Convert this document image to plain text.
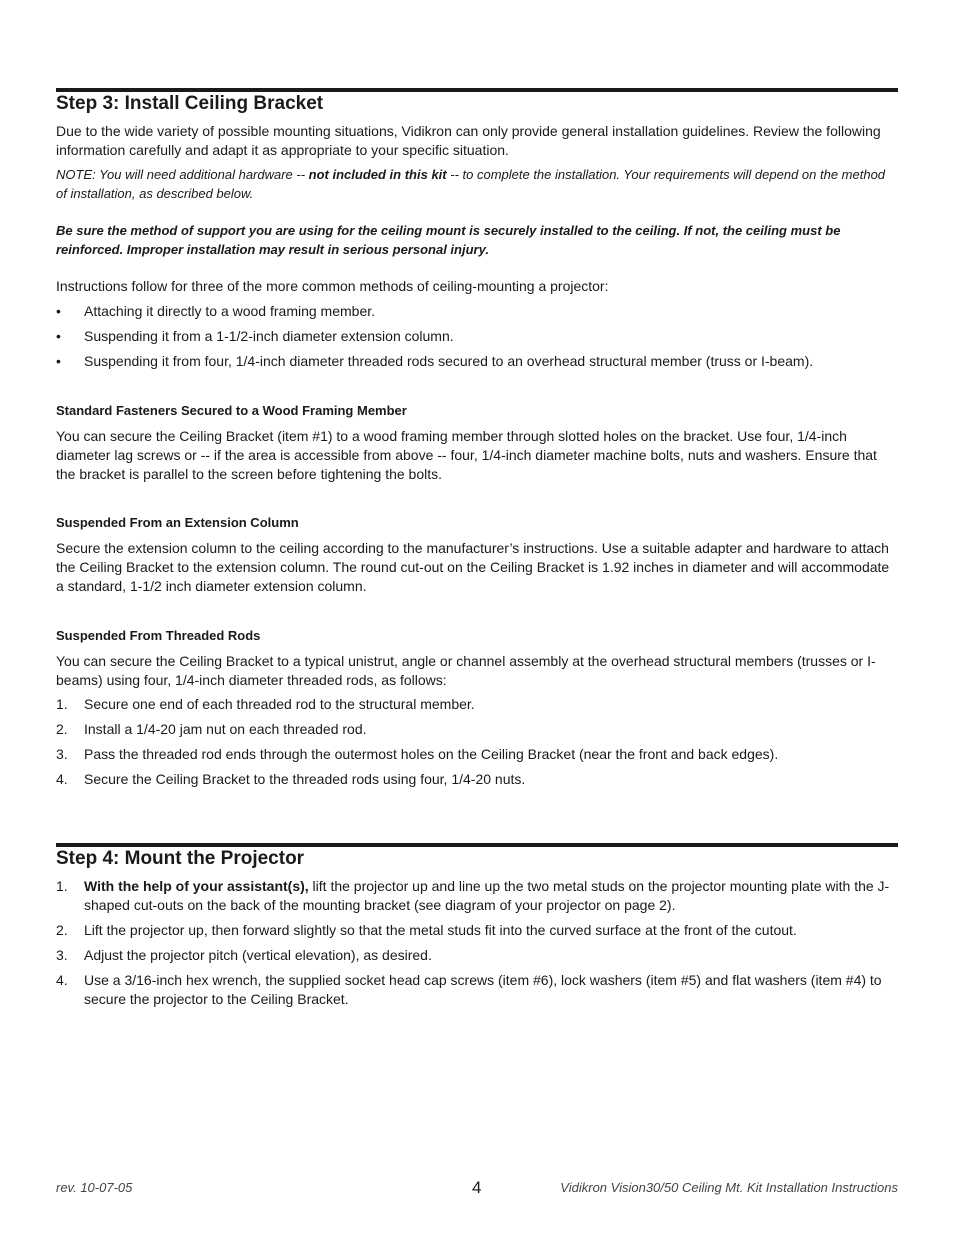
Step 3: Install Ceiling Bracket

Due to the wide variety of possible mounting situations, Vidikron can only provide general installation guidelines. Review the following information carefully and adapt it as appropriate to your specific situation.

NOTE: You will need additional hardware -- not included in this kit -- to complete the installation. Your requirements will depend on the method of installation, as described below.

Be sure the method of support you are using for the ceiling mount is securely installed to the ceiling. If not, the ceiling must be reinforced. Improper installation may result in serious personal injury.

Instructions follow for three of the more common methods of ceiling-mounting a projector:

•	Attaching it directly to a wood framing member.
•	Suspending it from a 1-1/2-inch diameter extension column.
•	Suspending it from four, 1/4-inch diameter threaded rods secured to an overhead structural member (truss or I-beam).
Standard Fasteners Secured to a Wood Framing Member

You can secure the Ceiling Bracket (item #1) to a wood framing member through slotted holes on the bracket. Use four, 1/4-inch diameter lag screws or -- if the area is accessible from above -- four, 1/4-inch diameter machine bolts, nuts and washers. Ensure that the bracket is parallel to the screen before tightening the bolts.

Suspended From an Extension Column

Secure the extension column to the ceiling according to the manufacturer’s instructions. Use a suitable adapter and hardware to attach the Ceiling Bracket to the extension column. The round cut-out on the Ceiling Bracket is 1.92 inches in diameter and will accommodate a standard, 1-1/2 inch diameter extension column.

Suspended From Threaded Rods

You can secure the Ceiling Bracket to a typical unistrut, angle or channel assembly at the overhead structural members (trusses or I-beams) using four, 1/4-inch diameter threaded rods, as follows:

1.	Secure one end of each threaded rod to the structural member.
2.	Install a 1/4-20 jam nut on each threaded rod.
3.	Pass the threaded rod ends through the outermost holes on the Ceiling Bracket (near the front and back edges).
4.	Secure the Ceiling Bracket to the threaded rods using four, 1/4-20 nuts.
Step 4: Mount the Projector
1.	With the help of your assistant(s), lift the projector up and line up the two metal studs on the projector mounting plate with the J-shaped cut-outs on the back of the mounting bracket (see diagram of your projector on page 2).
2.	Lift the projector up, then forward slightly so that the metal studs fit into the curved surface at the front of the cutout.
3.	Adjust the projector pitch (vertical elevation), as desired.
4.	Use a 3/16-inch hex wrench, the supplied socket head cap screws (item #6), lock washers (item #5) and flat washers (item #4) to secure the projector to the Ceiling Bracket.
rev. 10-07-05	4	Vidikron Vision30/50 Ceiling Mt. Kit Installation Instructions
